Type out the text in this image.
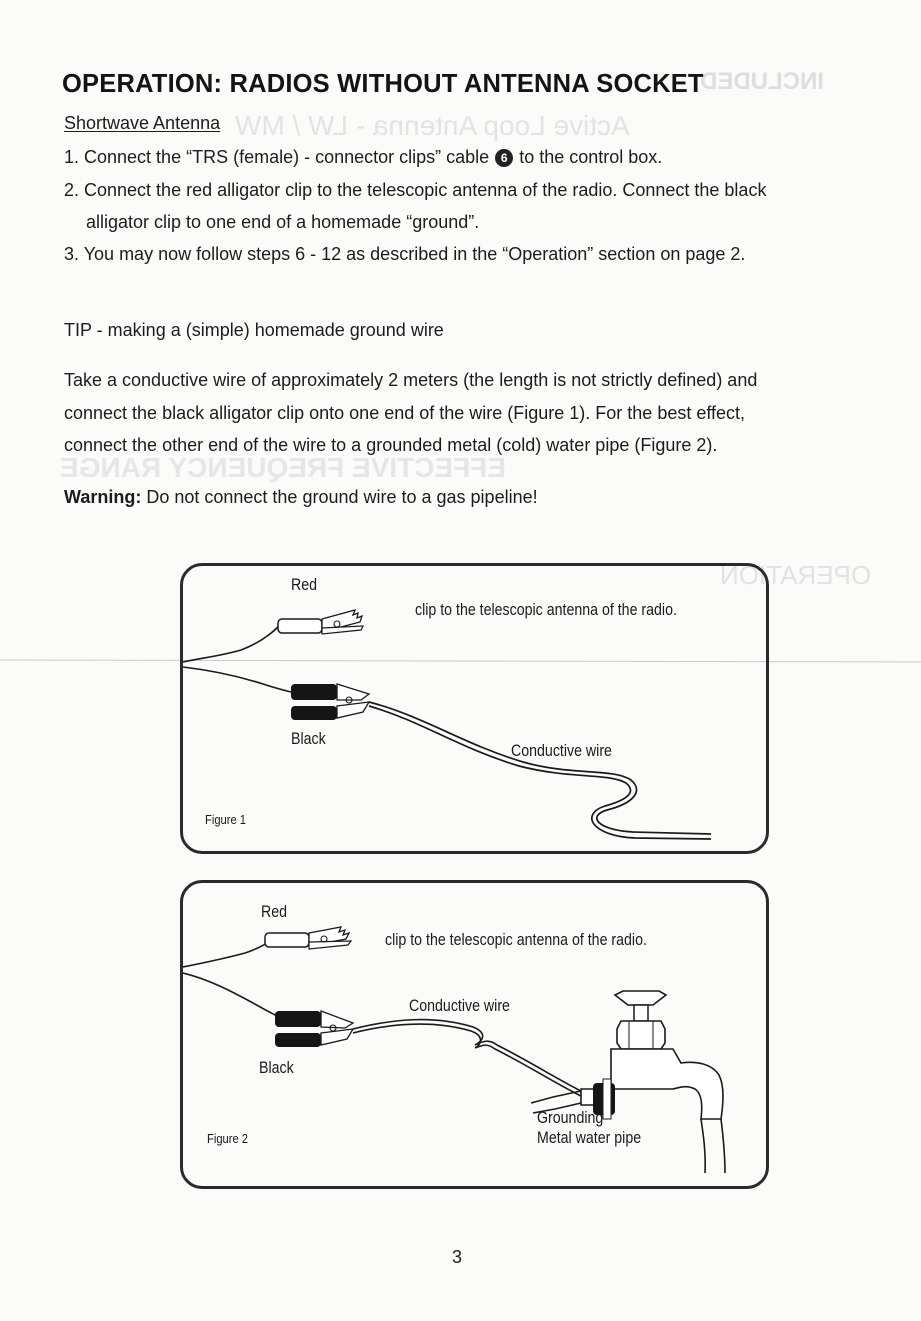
INCLUDED
Active Loop Antenna - LW / MW
EFFECTIVE FREQUENCY RANGE
OPERATION
OPERATION: RADIOS WITHOUT ANTENNA SOCKET
Shortwave Antenna
1. Connect the “TRS (female) - connector clips” cable 6 to the control box.
2. Connect the red alligator clip to the telescopic antenna of the radio. Connect the black
alligator clip to one end of a homemade “ground”.
3. You may now follow steps 6 - 12 as described in the “Operation” section on page 2.
TIP - making a (simple) homemade ground wire
Take a conductive wire of approximately 2 meters (the length is not strictly defined) and
connect the black alligator clip onto one end of the wire (Figure 1). For the best effect,
connect the other end of the wire to a grounded metal (cold) water pipe (Figure 2).
Warning: Do not connect the ground wire to a gas pipeline!
Red
clip to the telescopic antenna of the radio.
Black
Conductive wire
Figure 1
Red
clip to the telescopic antenna of the radio.
Conductive wire
Black
Grounding
Metal water pipe
Figure 2
3
